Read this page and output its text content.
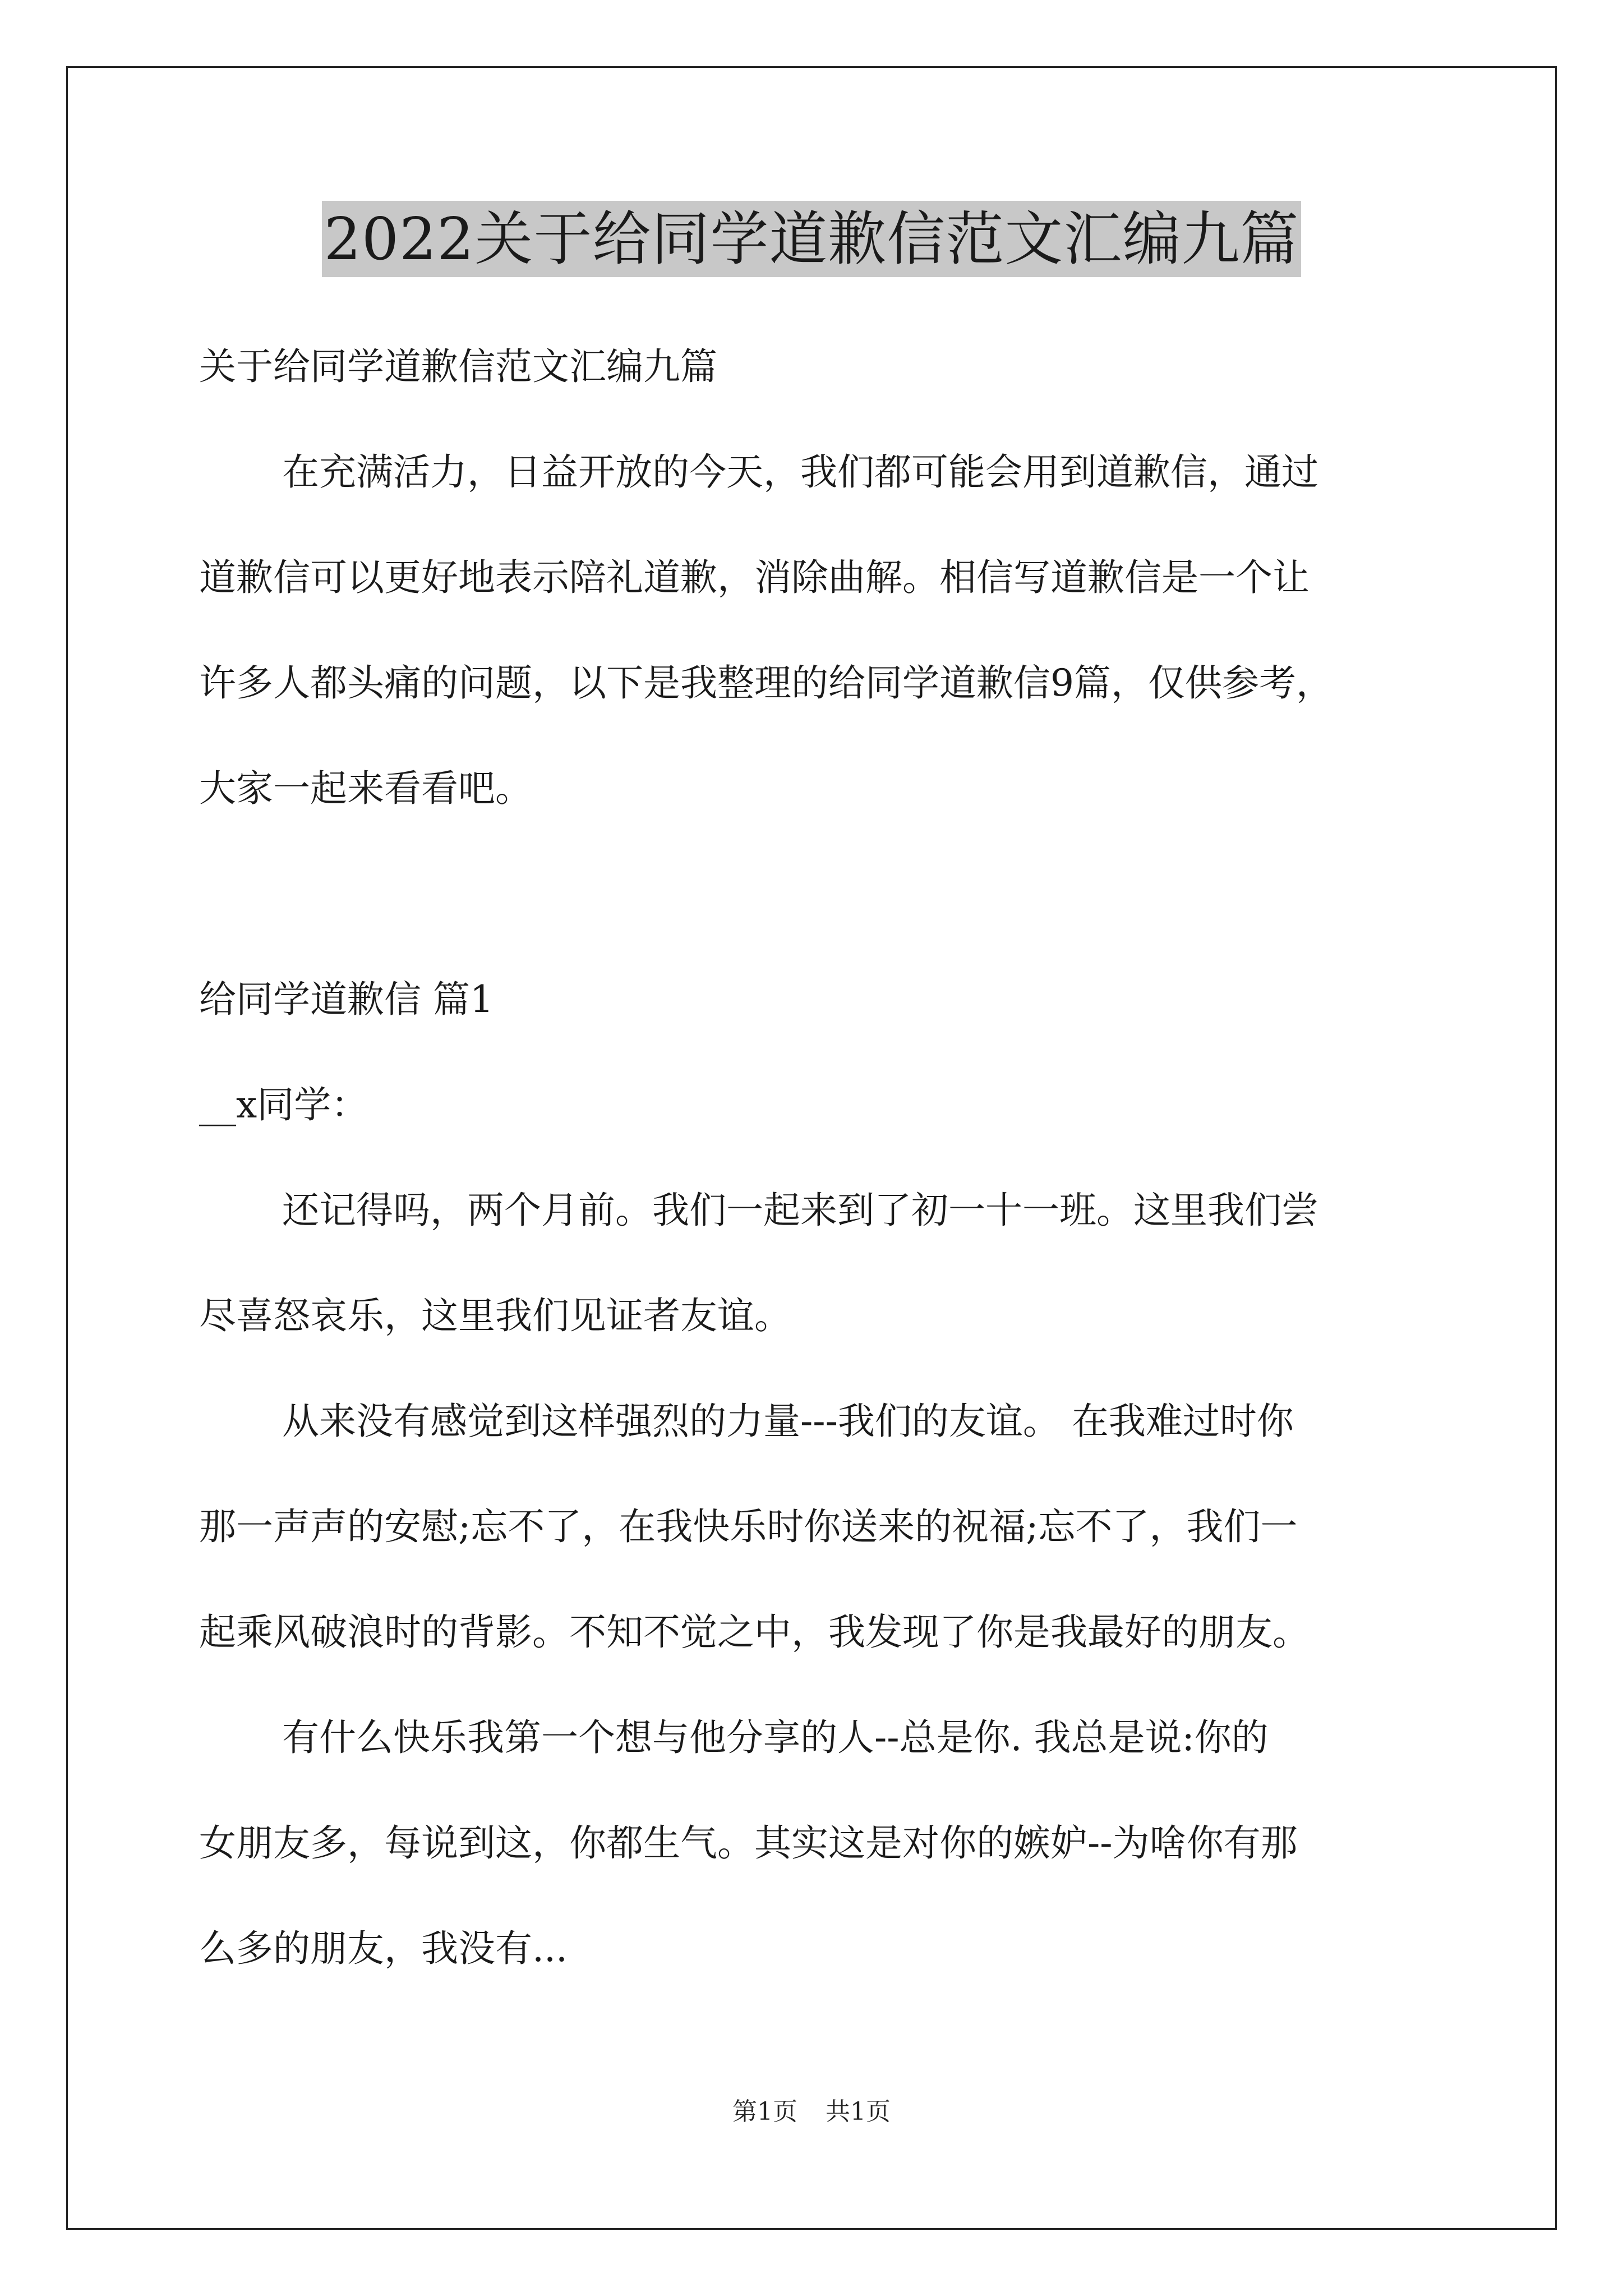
2022关于给同学道歉信范文汇编九篇

关于给同学道歉信范文汇编九篇

在充满活力，日益开放的今天，我们都可能会用到道歉信，通过

道歉信可以更好地表示陪礼道歉，消除曲解。相信写道歉信是一个让

许多人都头痛的问题，以下是我整理的给同学道歉信9篇，仅供参考，

大家一起来看看吧。

给同学道歉信 篇1

__x同学：

还记得吗，两个月前。我们一起来到了初一十一班。这里我们尝

尽喜怒哀乐，这里我们见证者友谊。

从来没有感觉到这样强烈的力量---我们的友谊。 在我难过时你

那一声声的安慰;忘不了，在我快乐时你送来的祝福;忘不了，我们一

起乘风破浪时的背影。不知不觉之中，我发现了你是我最好的朋友。

有什么快乐我第一个想与他分享的人--总是你. 我总是说:你的

女朋友多，每说到这，你都生气。其实这是对你的嫉妒--为啥你有那

么多的朋友，我没有...

第1页 共1页
